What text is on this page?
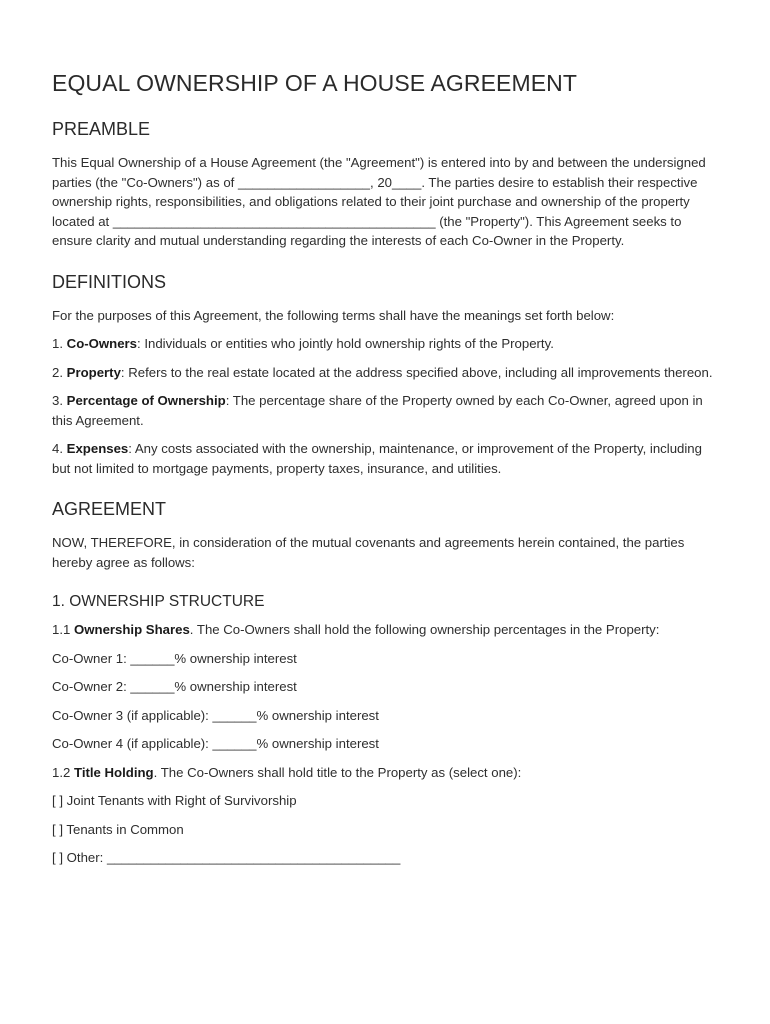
EQUAL OWNERSHIP OF A HOUSE AGREEMENT
PREAMBLE

This Equal Ownership of a House Agreement (the "Agreement") is entered into by and between the undersigned parties (the "Co-Owners") as of __________________, 20____. The parties desire to establish their respective ownership rights, responsibilities, and obligations related to their joint purchase and ownership of the property located at ____________________________________________ (the "Property"). This Agreement seeks to ensure clarity and mutual understanding regarding the interests of each Co-Owner in the Property.

DEFINITIONS

For the purposes of this Agreement, the following terms shall have the meanings set forth below:

1. Co-Owners: Individuals or entities who jointly hold ownership rights of the Property.

2. Property: Refers to the real estate located at the address specified above, including all improvements thereon.

3. Percentage of Ownership: The percentage share of the Property owned by each Co-Owner, agreed upon in this Agreement.

4. Expenses: Any costs associated with the ownership, maintenance, or improvement of the Property, including but not limited to mortgage payments, property taxes, insurance, and utilities.

AGREEMENT

NOW, THEREFORE, in consideration of the mutual covenants and agreements herein contained, the parties hereby agree as follows:

1. OWNERSHIP STRUCTURE

1.1 Ownership Shares. The Co-Owners shall hold the following ownership percentages in the Property:

Co-Owner 1: ______% ownership interest

Co-Owner 2: ______% ownership interest

Co-Owner 3 (if applicable): ______% ownership interest

Co-Owner 4 (if applicable): ______% ownership interest

1.2 Title Holding. The Co-Owners shall hold title to the Property as (select one):

[ ] Joint Tenants with Right of Survivorship

[ ] Tenants in Common

[ ] Other: ________________________________________
